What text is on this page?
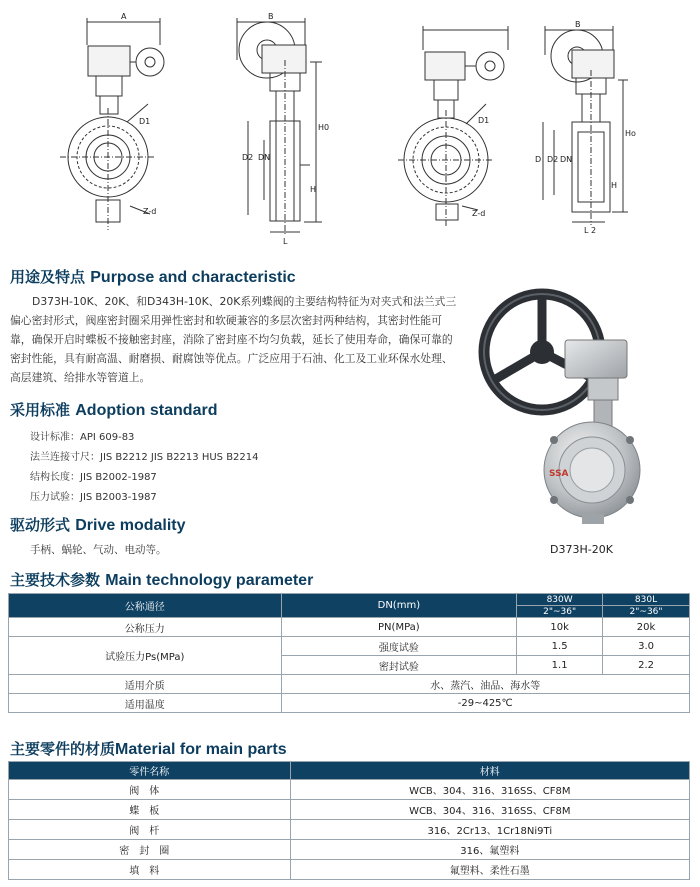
A
D1
Z-d
B
D2 DN
H0
H
L
D1
Z-d
B
D D2 DN
Ho
H
L 2
用途及特点 Purpose and characteristic
D373H-10K、20K、和D343H-10K、20K系列蝶阀的主要结构特征为对夹式和法兰式三偏心密封形式，阀座密封圈采用弹性密封和软硬兼容的多层次密封两种结构，其密封性能可靠，确保开启时蝶板不接触密封座，消除了密封座不均匀负载，延长了使用寿命，确保可靠的密封性能，具有耐高温、耐磨损、耐腐蚀等优点。广泛应用于石油、化工及工业环保水处理、高层建筑、给排水等管道上。
采用标准 Adoption standard
设计标准：API 609-83
法兰连接寸尺：JIS B2212 JIS B2213 HUS B2214
结构长度：JIS B2002-1987
压力试验：JIS B2003-1987
驱动形式 Drive modality
手柄、蜗轮、气动、电动等。
SSA
D373H-20K
主要技术参数 Main technology parameter
公称通径	DN(mm)	830W	830L
		2"~36"	2"~36"
公称压力	PN(MPa)	10k	20k
试验压力Ps(MPa)	强度试验	1.5	3.0
	密封试验	1.1	2.2
适用介质	水、蒸汽、油品、海水等		
适用温度	-29~425℃		
主要零件的材质Material for main parts
零件名称	材料
阀体	WCB、304、316、316SS、CF8M
蝶板	WCB、304、316、316SS、CF8M
阀杆	316、2Cr13、1Cr18Ni9Ti
密封圈	316、氟塑料
填料	氟塑料、柔性石墨
